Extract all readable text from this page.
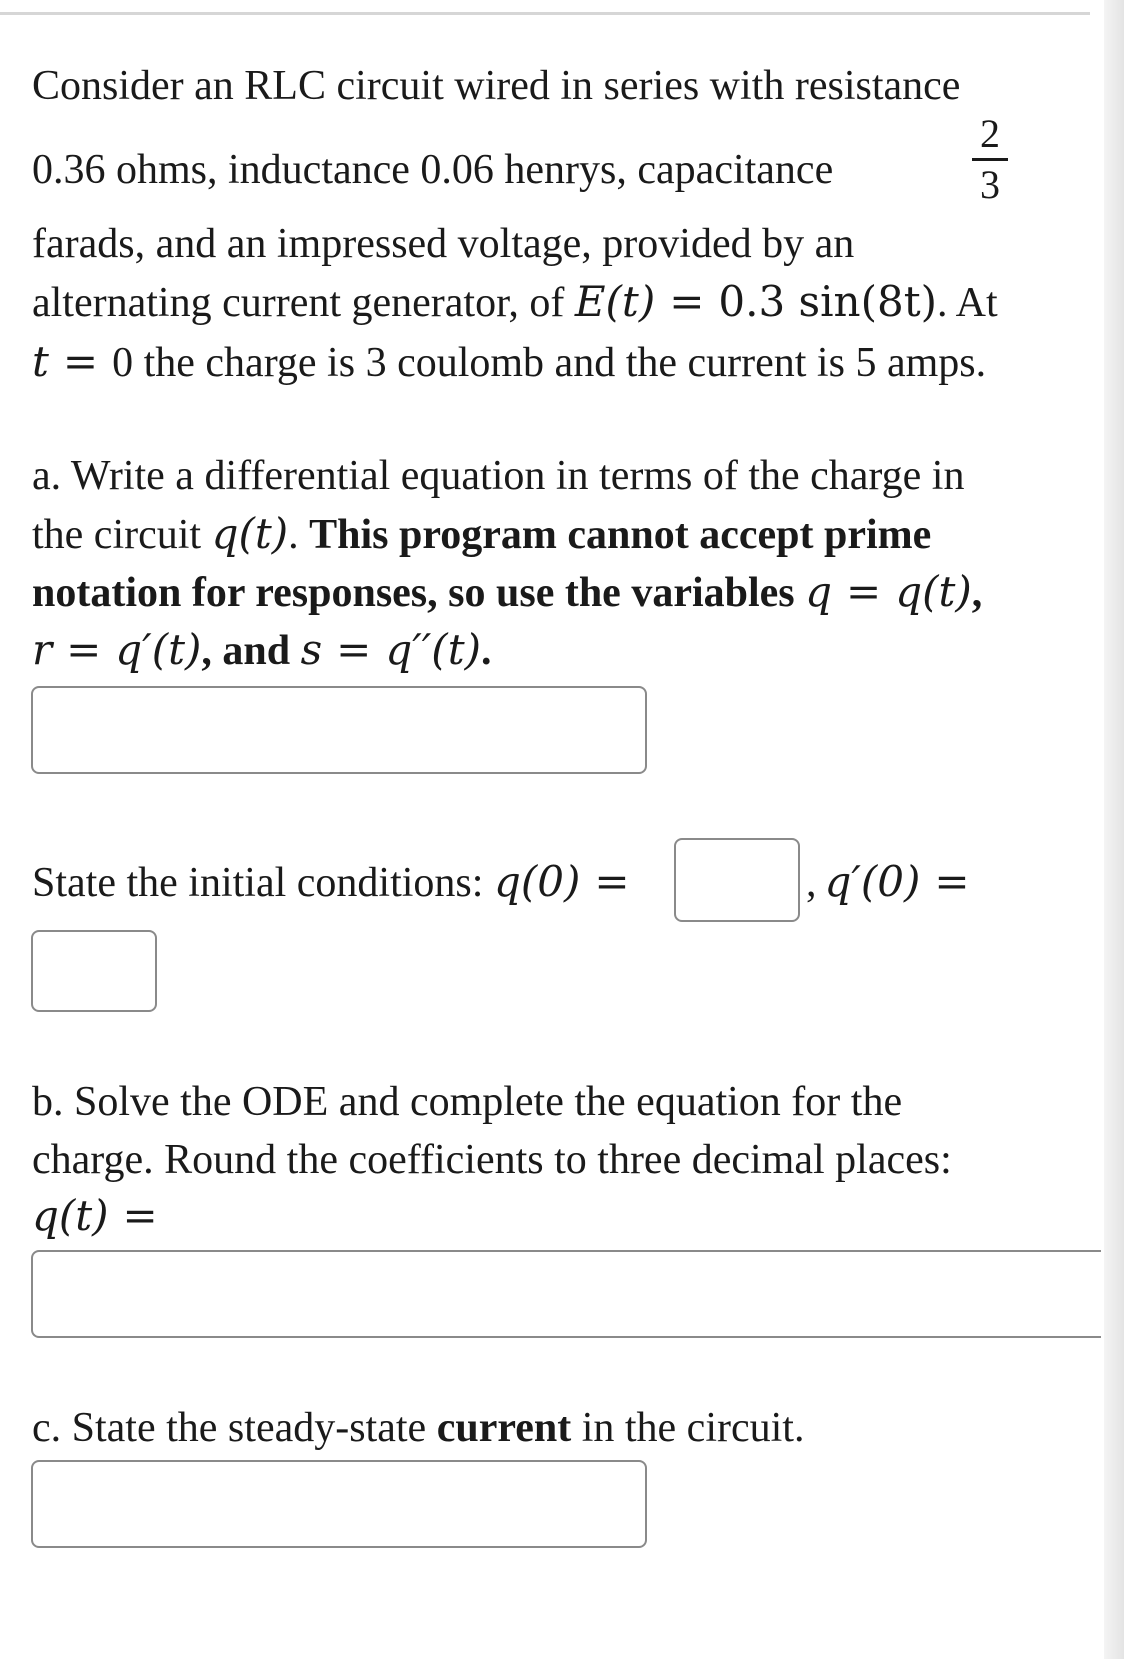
Consider an RLC circuit wired in series with resistance
0.36 ohms, inductance 0.06 henrys, capacitance
2
3
farads, and an impressed voltage, provided by an
alternating current generator, of E(t) = 0.3 sin(8t). At
t = 0 the charge is 3 coulomb and the current is 5 amps.
a. Write a differential equation in terms of the charge in
the circuit q(t). This program cannot accept prime
notation for responses, so use the variables q = q(t),
r = q′(t), and s = q′′(t).
State the initial conditions: q(0) =	, q′(0) =
b. Solve the ODE and complete the equation for the
charge. Round the coefficients to three decimal places:
q(t) =
c. State the steady-state current in the circuit.
